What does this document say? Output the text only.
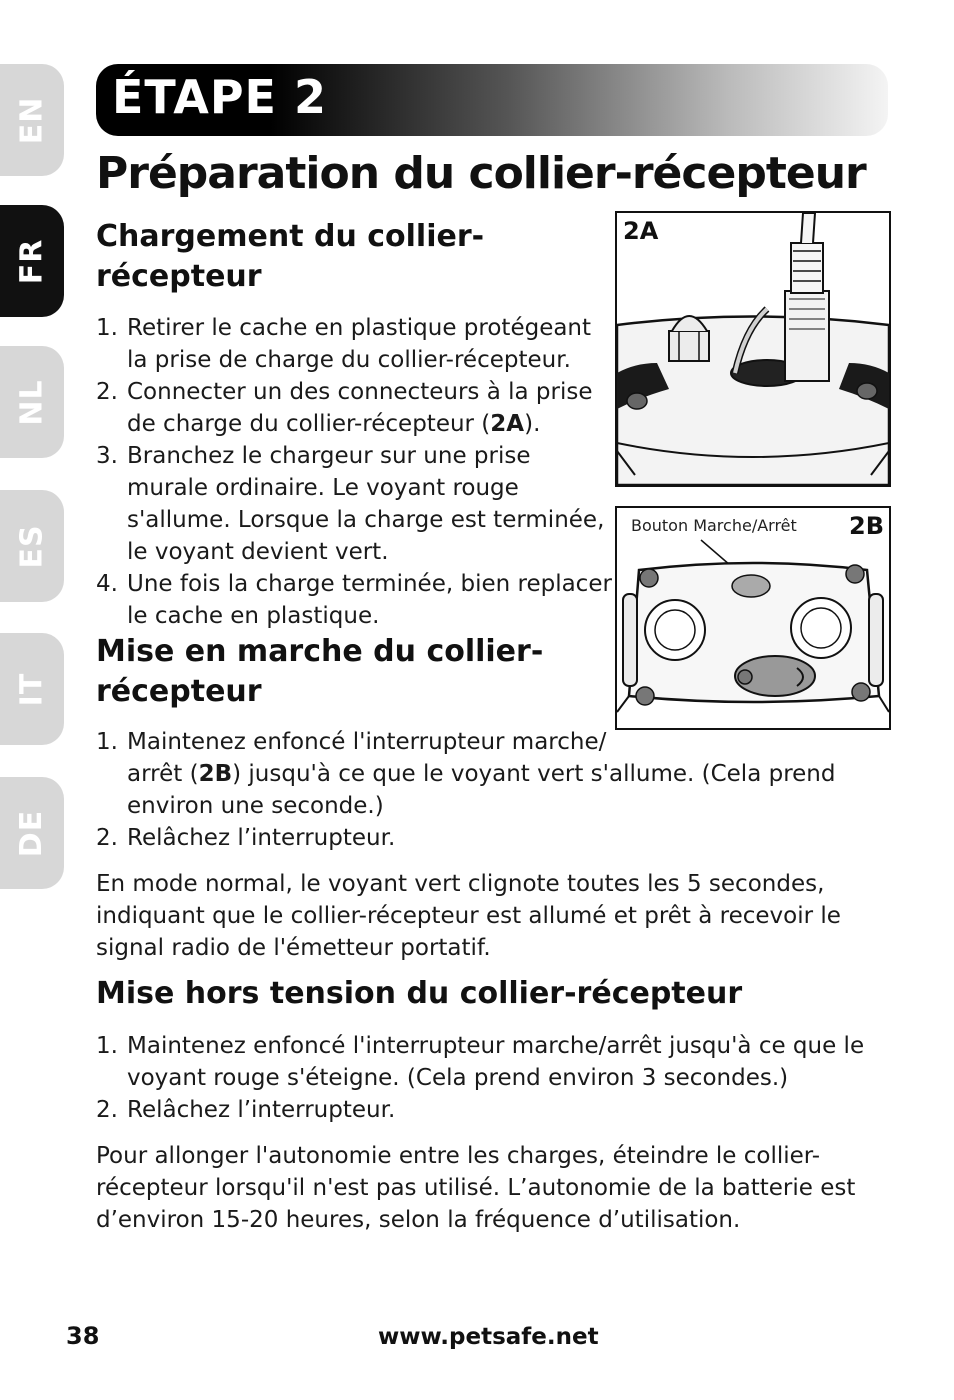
EN
FR
NL
ES
IT
DE
ÉTAPE 2
Préparation du collier-récepteur
Chargement du collier-
récepteur
1. Retirer le cache en plastique protégeant
la prise de charge du collier-récepteur.
2. Connecter un des connecteurs à la prise
de charge du collier-récepteur (2A).
3. Branchez le chargeur sur une prise
murale ordinaire. Le voyant rouge
s'allume. Lorsque la charge est terminée,
le voyant devient vert.
4. Une fois la charge terminée, bien replacer
le cache en plastique.
Mise en marche du collier-
récepteur
1. Maintenez enfoncé l'interrupteur marche/
arrêt (2B) jusqu'à ce que le voyant vert s'allume. (Cela prend
environ une seconde.)
2. Relâchez l’interrupteur.

En mode normal, le voyant vert clignote toutes les 5 secondes,
indiquant que le collier-récepteur est allumé et prêt à recevoir le
signal radio de l'émetteur portatif.

Mise hors tension du collier-récepteur
1. Maintenez enfoncé l'interrupteur marche/arrêt jusqu'à ce que le
voyant rouge s'éteigne. (Cela prend environ 3 secondes.)
2. Relâchez l’interrupteur.

Pour allonger l'autonomie entre les charges, éteindre le collier-
récepteur lorsqu'il n'est pas utilisé. L’autonomie de la batterie est
d’environ 15-20 heures, selon la fréquence d’utilisation.

2A
Bouton Marche/Arrêt 2B
38	www.petsafe.net
